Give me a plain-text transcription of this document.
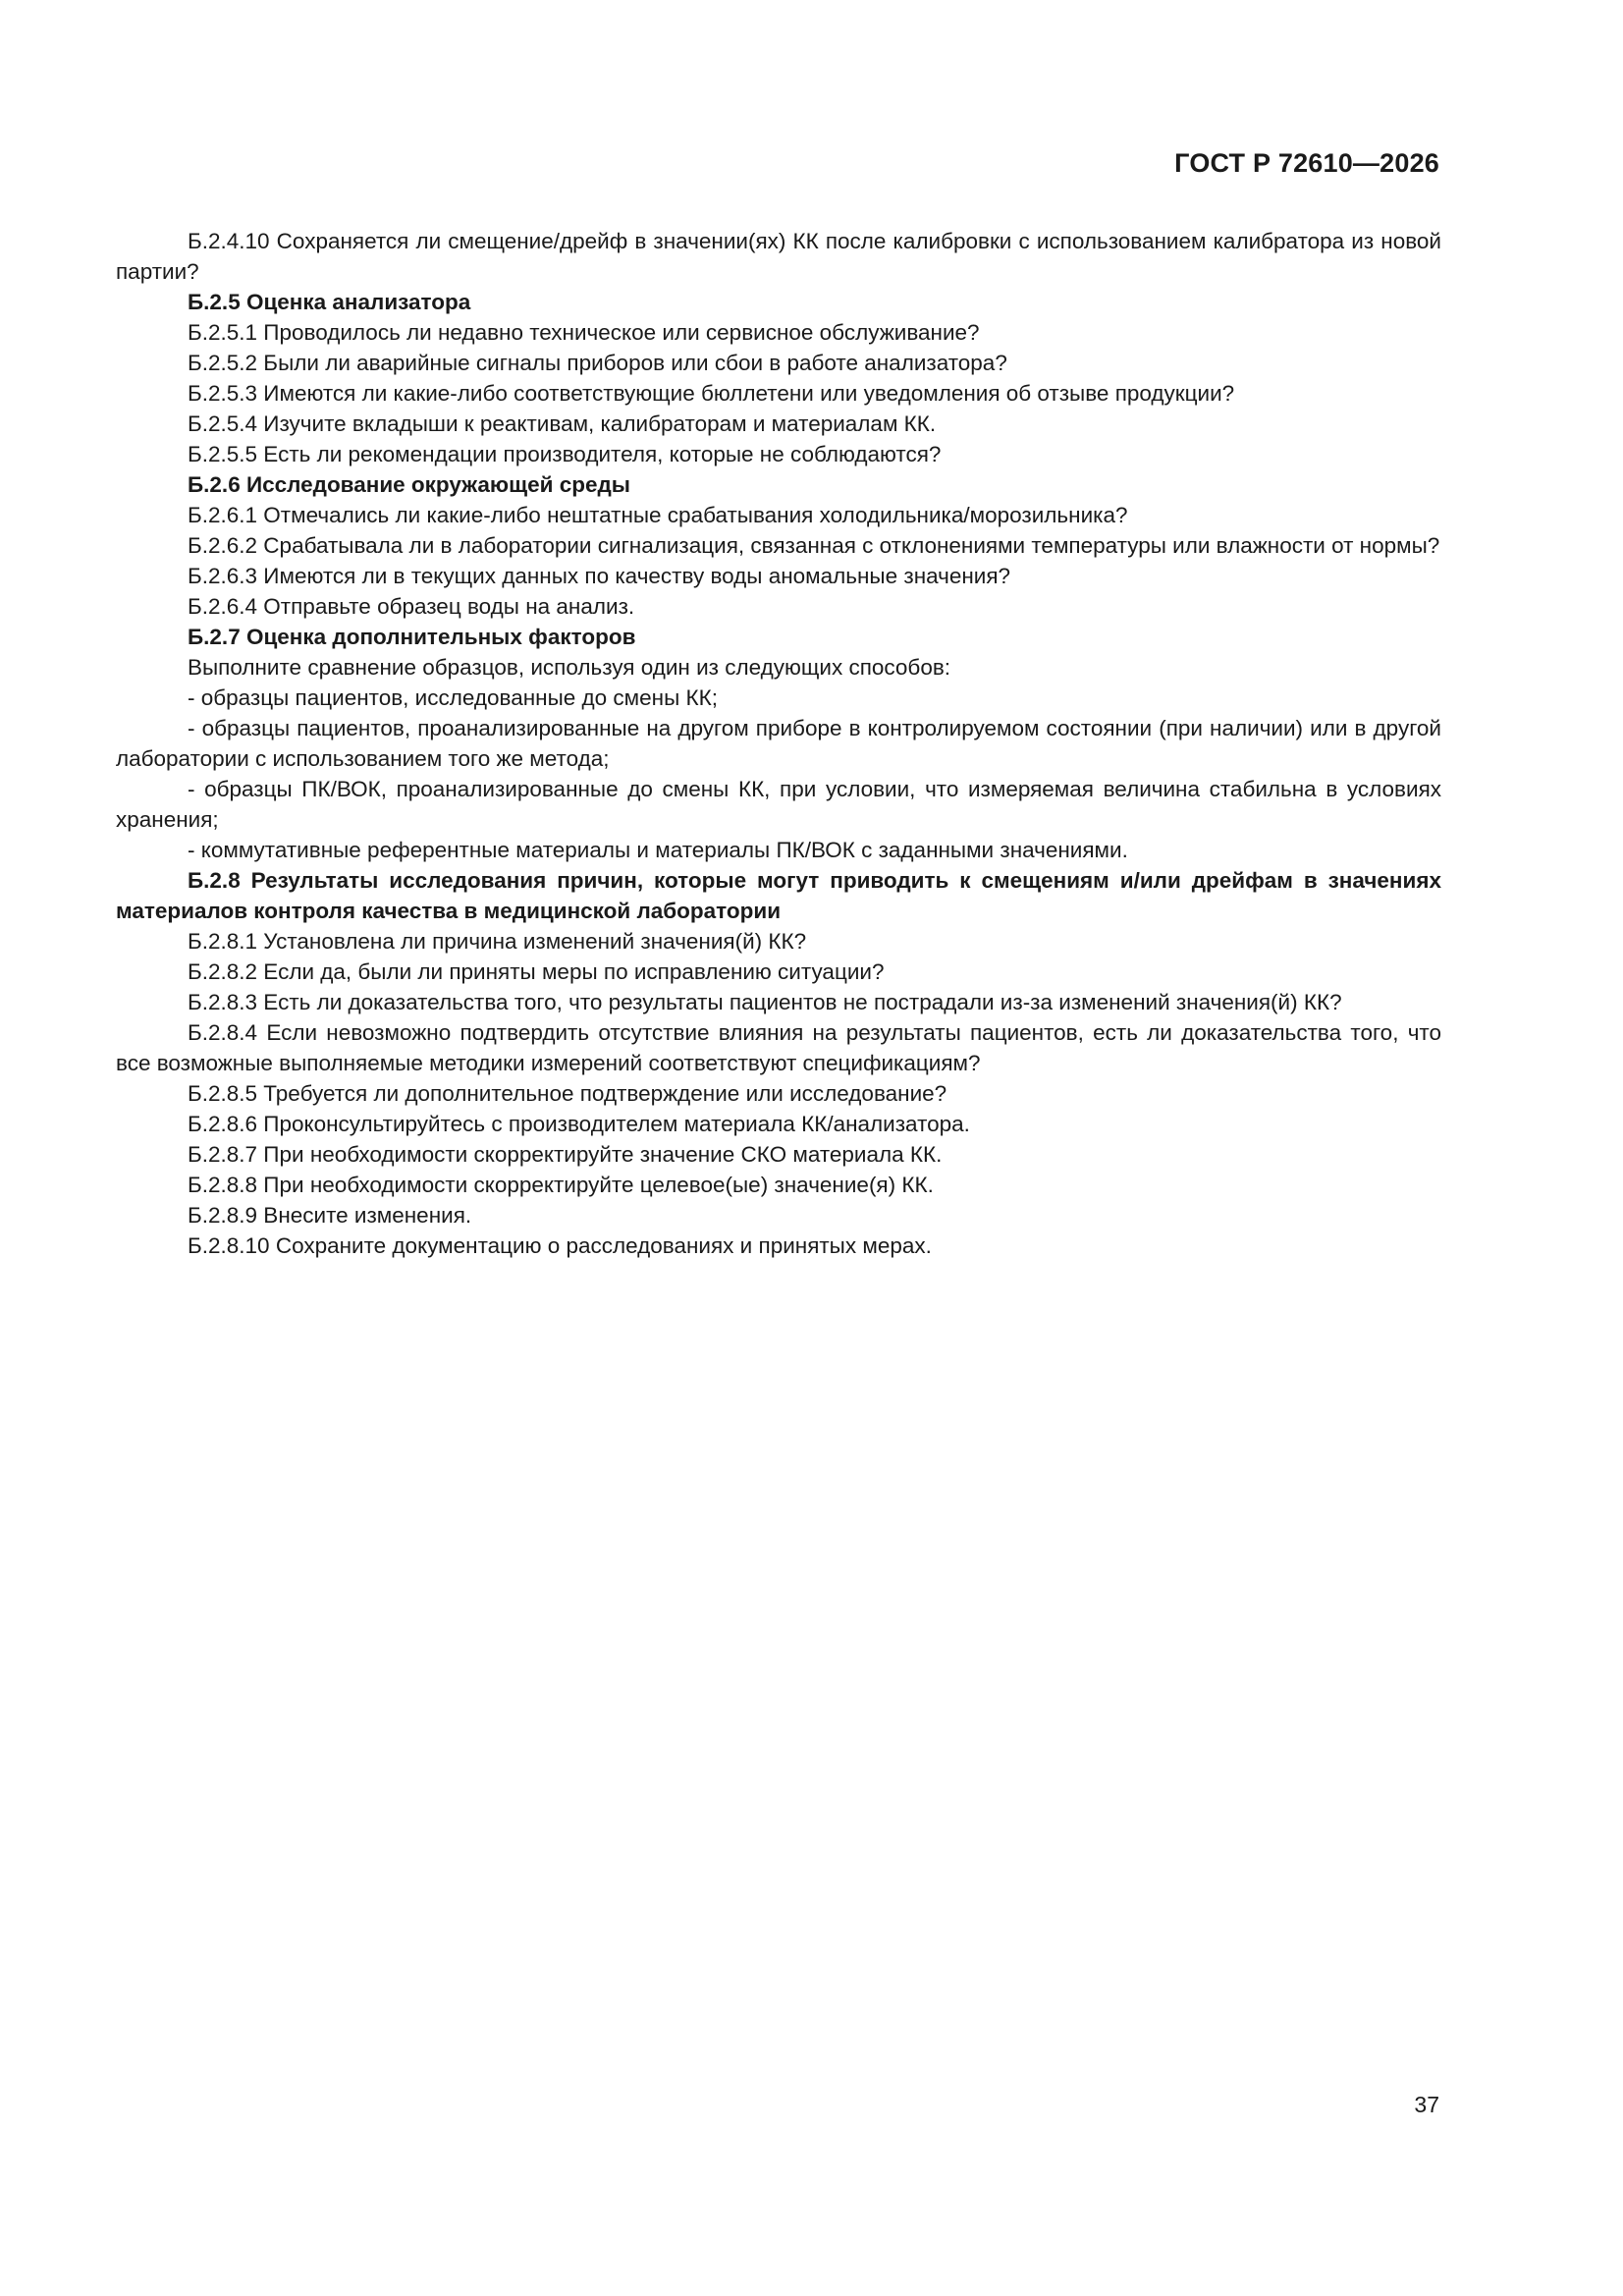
ГОСТ Р 72610—2026

Б.2.4.10 Сохраняется ли смещение/дрейф в значении(ях) КК после калибровки с использованием калибратора из новой партии?

Б.2.5 Оценка анализатора

Б.2.5.1 Проводилось ли недавно техническое или сервисное обслуживание?

Б.2.5.2 Были ли аварийные сигналы приборов или сбои в работе анализатора?

Б.2.5.3 Имеются ли какие-либо соответствующие бюллетени или уведомления об отзыве продукции?

Б.2.5.4 Изучите вкладыши к реактивам, калибраторам и материалам КК.

Б.2.5.5 Есть ли рекомендации производителя, которые не соблюдаются?

Б.2.6 Исследование окружающей среды

Б.2.6.1 Отмечались ли какие-либо нештатные срабатывания холодильника/морозильника?

Б.2.6.2 Срабатывала ли в лаборатории сигнализация, связанная с отклонениями температуры или влажности от нормы?

Б.2.6.3 Имеются ли в текущих данных по качеству воды аномальные значения?

Б.2.6.4 Отправьте образец воды на анализ.

Б.2.7 Оценка дополнительных факторов

Выполните сравнение образцов, используя один из следующих способов:

- образцы пациентов, исследованные до смены КК;

- образцы пациентов, проанализированные на другом приборе в контролируемом состоянии (при наличии) или в другой лаборатории с использованием того же метода;

- образцы ПК/ВОК, проанализированные до смены КК, при условии, что измеряемая величина стабильна в условиях хранения;

- коммутативные референтные материалы и материалы ПК/ВОК с заданными значениями.

Б.2.8 Результаты исследования причин, которые могут приводить к смещениям и/или дрейфам в значениях материалов контроля качества в медицинской лаборатории

Б.2.8.1 Установлена ли причина изменений значения(й) КК?

Б.2.8.2 Если да, были ли приняты меры по исправлению ситуации?

Б.2.8.3 Есть ли доказательства того, что результаты пациентов не пострадали из-за изменений значения(й) КК?

Б.2.8.4 Если невозможно подтвердить отсутствие влияния на результаты пациентов, есть ли доказательства того, что все возможные выполняемые методики измерений соответствуют спецификациям?

Б.2.8.5 Требуется ли дополнительное подтверждение или исследование?

Б.2.8.6 Проконсультируйтесь с производителем материала КК/анализатора.

Б.2.8.7 При необходимости скорректируйте значение СКО материала КК.

Б.2.8.8 При необходимости скорректируйте целевое(ые) значение(я) КК.

Б.2.8.9 Внесите изменения.

Б.2.8.10 Сохраните документацию о расследованиях и принятых мерах.

37
